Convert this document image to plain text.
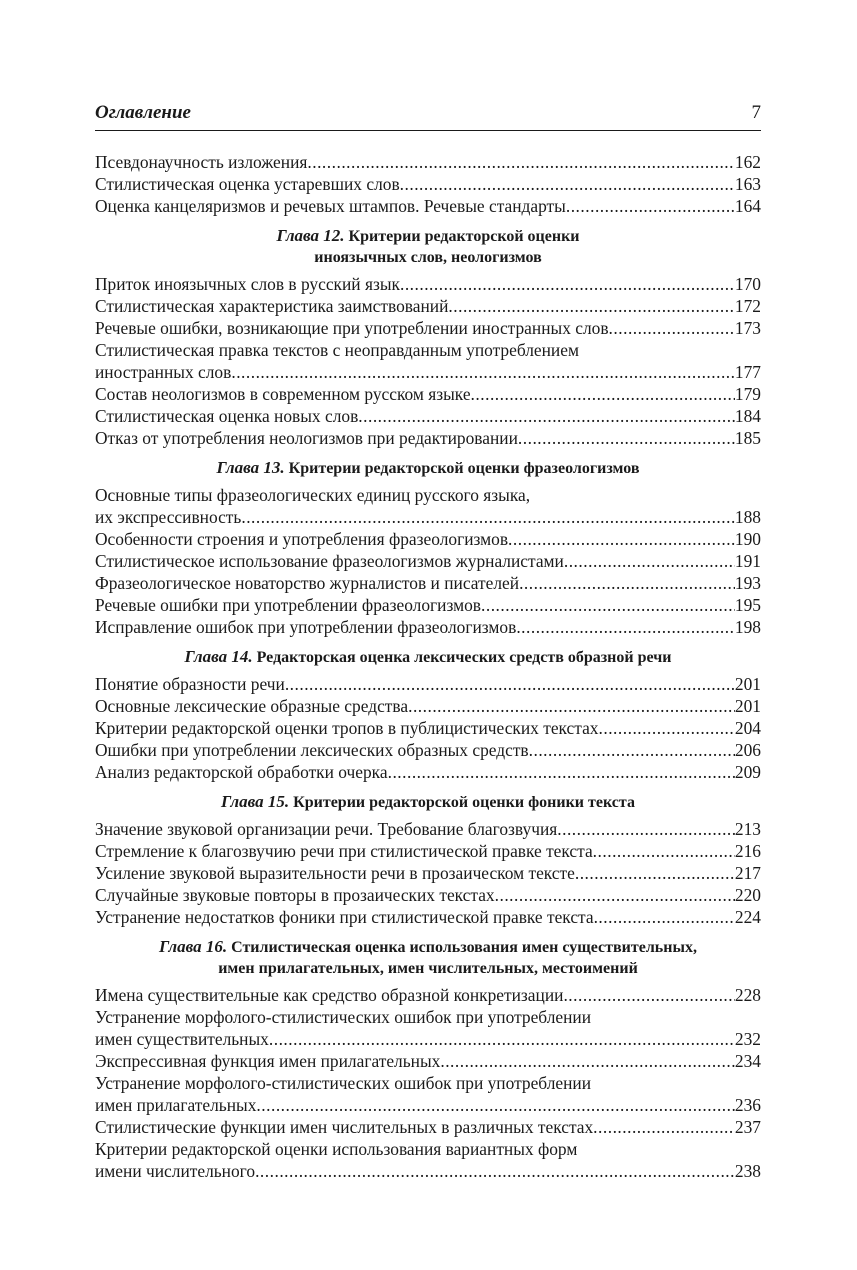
Оглавление	7
Псевдонаучность изложения .....	162
Стилистическая оценка устаревших слов .....	163
Оценка канцеляризмов и речевых штампов. Речевые стандарты .....	164
Глава 12. Критерии редакторской оценки
иноязычных слов, неологизмов
Приток иноязычных слов в русский язык .....	170
Стилистическая характеристика заимствований .....	172
Речевые ошибки, возникающие при употреблении иностранных слов .....	173
Стилистическая правка текстов с неоправданным употреблением
иностранных слов .....	177
Состав неологизмов в современном русском языке .....	179
Стилистическая оценка новых слов .....	184
Отказ от употребления неологизмов при редактировании .....	185
Глава 13. Критерии редакторской оценки фразеологизмов
Основные типы фразеологических единиц русского языка,
их экспрессивность .....	188
Особенности строения и употребления фразеологизмов .....	190
Стилистическое использование фразеологизмов журналистами .....	191
Фразеологическое новаторство журналистов и писателей .....	193
Речевые ошибки при употреблении фразеологизмов .....	195
Исправление ошибок при употреблении фразеологизмов .....	198
Глава 14. Редакторская оценка лексических средств образной речи
Понятие образности речи .....	201
Основные лексические образные средства .....	201
Критерии редакторской оценки тропов в публицистических текстах .....	204
Ошибки при употреблении лексических образных средств .....	206
Анализ редакторской обработки очерка .....	209
Глава 15. Критерии редакторской оценки фоники текста
Значение звуковой организации речи. Требование благозвучия .....	213
Стремление к благозвучию речи при стилистической правке текста .....	216
Усиление звуковой выразительности речи в прозаическом тексте .....	217
Случайные звуковые повторы в прозаических текстах .....	220
Устранение недостатков фоники при стилистической правке текста .....	224
Глава 16. Стилистическая оценка использования имен существительных,
имен прилагательных, имен числительных, местоимений
Имена существительные как средство образной конкретизации .....	228
Устранение морфолого-стилистических ошибок при употреблении
имен существительных .....	232
Экспрессивная функция имен прилагательных .....	234
Устранение морфолого-стилистических ошибок при употреблении
имен прилагательных .....	236
Стилистические функции имен числительных в различных текстах .....	237
Критерии редакторской оценки использования вариантных форм
имени числительного .....	238
